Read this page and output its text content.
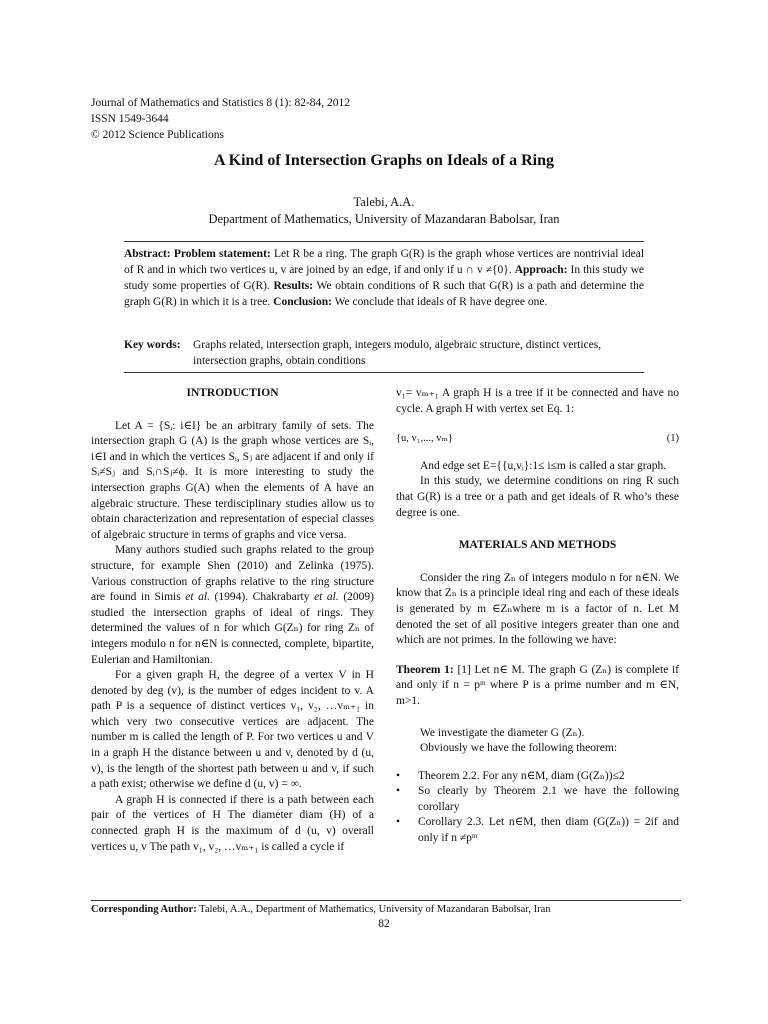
Journal of Mathematics and Statistics 8 (1): 82-84, 2012
ISSN 1549-3644
© 2012 Science Publications
A Kind of Intersection Graphs on Ideals of a Ring
Talebi, A.A.
Department of Mathematics, University of Mazandaran Babolsar, Iran
Abstract: Problem statement: Let R be a ring. The graph G(R) is the graph whose vertices are nontrivial ideal of R and in which two vertices u, v are joined by an edge, if and only if u ∩ v ≠{0}. Approach: In this study we study some properties of G(R). Results: We obtain conditions of R such that G(R) is a path and determine the graph G(R) in which it is a tree. Conclusion: We conclude that ideals of R have degree one.
Key words: Graphs related, intersection graph, integers modulo, algebraic structure, distinct vertices, intersection graphs, obtain conditions
INTRODUCTION

Let A = {Sᵢ: i∈I} be an arbitrary family of sets. The intersection graph G (A) is the graph whose vertices are Sᵢ, i∈I and in which the vertices Sᵢ, Sⱼ are adjacent if and only if Sᵢ≠Sⱼ and Sᵢ∩Sⱼ≠ϕ. It is more interesting to study the intersection graphs G(A) when the elements of A have an algebraic structure. These terdisciplinary studies allow us to obtain characterization and representation of especial classes of algebraic structure in terms of graphs and vice versa.

Many authors studied such graphs related to the group structure, for example Shen (2010) and Zelinka (1975). Various construction of graphs relative to the ring structure are found in Simis et al. (1994). Chakrabarty et al. (2009) studied the intersection graphs of ideal of rings. They determined the values of n for which G(Zₙ) for ring Zₙ of integers modulo n for n∈N is connected, complete, bipartite, Eulerian and Hamiltonian.

For a given graph H, the degree of a vertex V in H denoted by deg (v), is the number of edges incident to v. A path P is a sequence of distinct vertices v₁, v₂, …vₘ₊₁ in which very two consecutive vertices are adjacent. The number m is called the length of P. For two vertices u and V in a graph H the distance between u and v, denoted by d (u, v), is the length of the shortest path between u and v, if such a path exist; otherwise we define d (u, v) = ∞.

A graph H is connected if there is a path between each pair of the vertices of H The diameter diam (H) of a connected graph H is the maximum of d (u, v) overall vertices u, v The path v₁, v₂, …vₘ₊₁ is called a cycle if

v₁= vₘ₊₁ A graph H is a tree if it be connected and have no cycle. A graph H with vertex set Eq. 1:

{u, v₁,..., vₘ}	(1)

And edge set E={{u,vᵢ}:1≤ i≤m is called a star graph.

In this study, we determine conditions on ring R such that G(R) is a tree or a path and get ideals of R who’s these degree is one.

MATERIALS AND METHODS

Consider the ring Zₙ of integers modulo n for n∈N. We know that Zₙ is a principle ideal ring and each of these ideals is generated by m ∈Zₙwhere m is a factor of n. Let M denoted the set of all positive integers greater than one and which are not primes. In the following we have:

Theorem 1: [1] Let n∈ M. The graph G (Zₙ) is complete if and only if n = pᵐ where P is a prime number and m ∈N, m>1.

We investigate the diameter G (Zₙ).

Obviously we have the following theorem:

• Theorem 2.2. For any n∈M, diam (G(Zₙ))≤2
• So clearly by Theorem 2.1 we have the following corollary
• Corollary 2.3. Let n∈M, then diam (G(Zₙ)) = 2if and only if n ≠pᵐ
Corresponding Author: Talebi, A.A., Department of Mathematics, University of Mazandaran Babolsar, Iran
82
